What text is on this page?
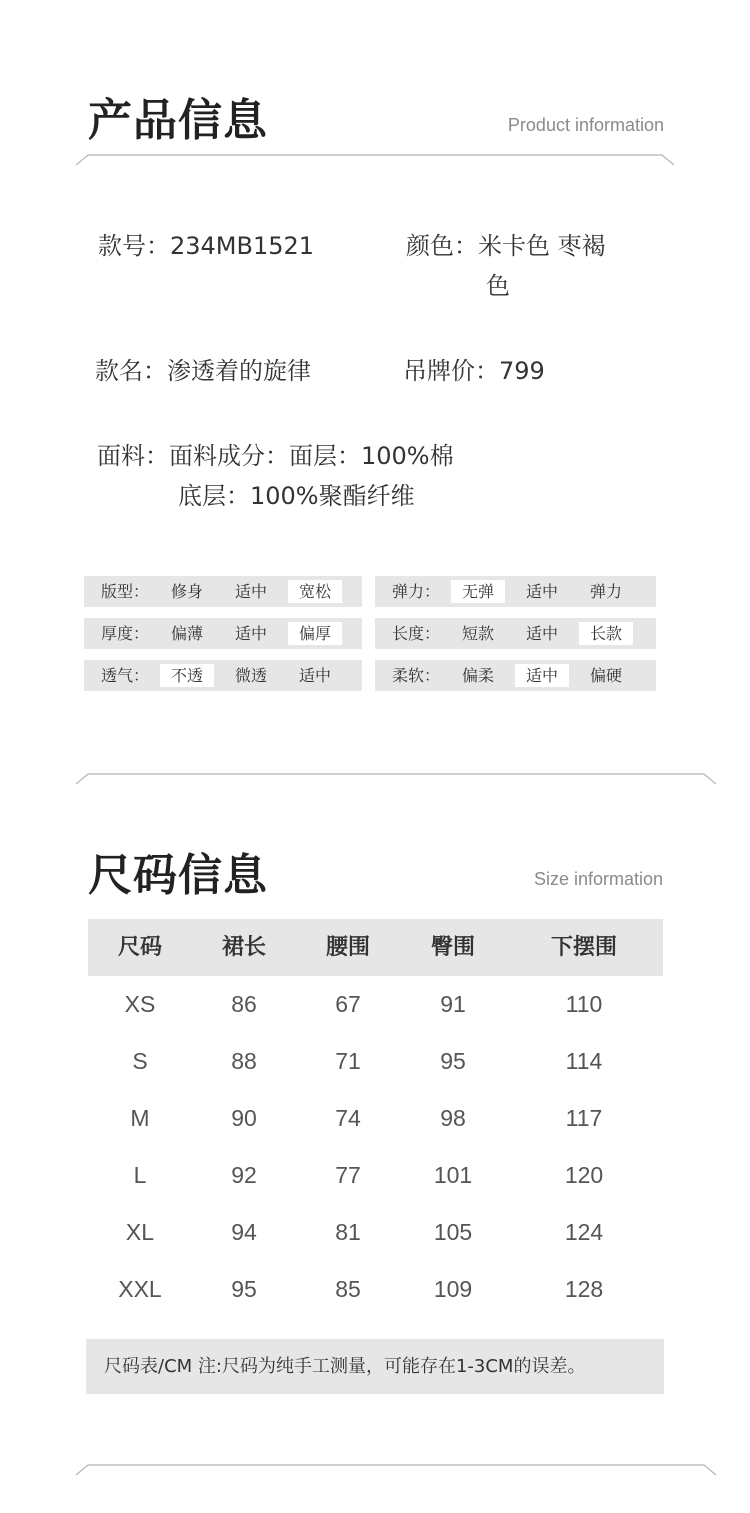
产品信息	Product information
款号：234MB1521	颜色：米卡色 枣褐
色
款名：渗透着的旋律	吊牌价：799
面料：面料成分：面层：100%棉
底层：100%聚酯纤维
版型：	修身	适中	宽松
厚度：	偏薄	适中	偏厚
透气：	不透	微透	适中
弹力：	无弹	适中	弹力
长度：	短款	适中	长款
柔软：	偏柔	适中	偏硬
尺码信息	Size information
尺码	裙长	腰围	臀围	下摆围
XS	86	67	91	110
S	88	71	95	114
M	90	74	98	117
L	92	77	101	120
XL	94	81	105	124
XXL	95	85	109	128
尺码表/CM 注:尺码为纯手工测量，可能存在1-3CM的误差。
